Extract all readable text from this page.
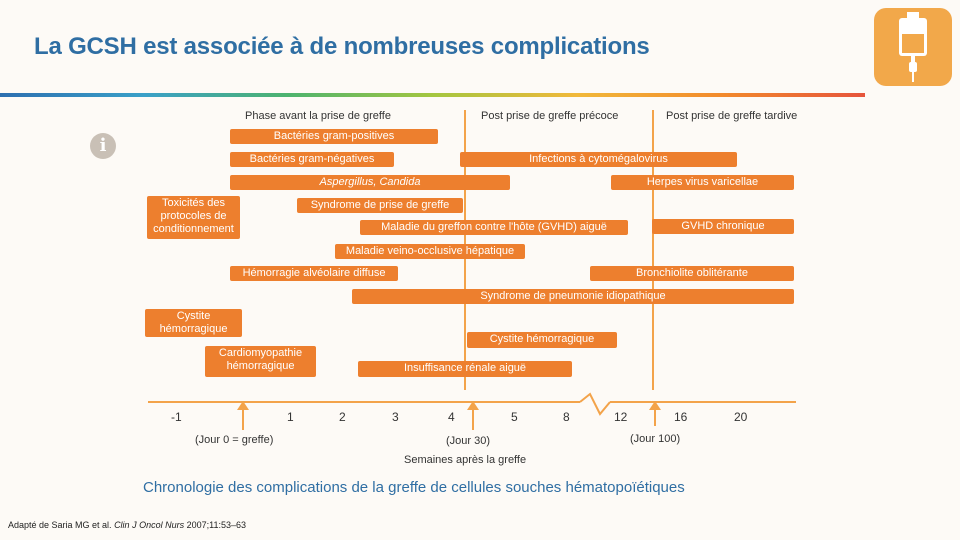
La GCSH est associée à de nombreuses complications
i
Phase avant la prise de greffe	Post prise de greffe précoce	Post prise de greffe tardive
Bactéries gram-positives
Bactéries gram-négatives	Infections à cytomégalovirus
Aspergillus, Candida	Herpes virus varicellae
Toxicités des protocoles de conditionnement
Syndrome de prise de greffe
Maladie du greffon contre l'hôte (GVHD) aiguë	GVHD chronique
Maladie veino-occlusive hépatique
Hémorragie alvéolaire diffuse	Bronchiolite oblitérante
Syndrome de pneumonie idiopathique
Cystite hémorragique
Cystite hémorragique
Cardiomyopathie hémorragique	Insuffisance rénale aiguë
-1	1	2	3	4	5	8	12	16	20
(Jour 0 = greffe)	(Jour 30)	(Jour 100)
Semaines après la greffe
Chronologie des complications de la greffe de cellules souches hématopoïétiques
Adapté de Saria MG et al. Clin J Oncol Nurs 2007;11:53–63
